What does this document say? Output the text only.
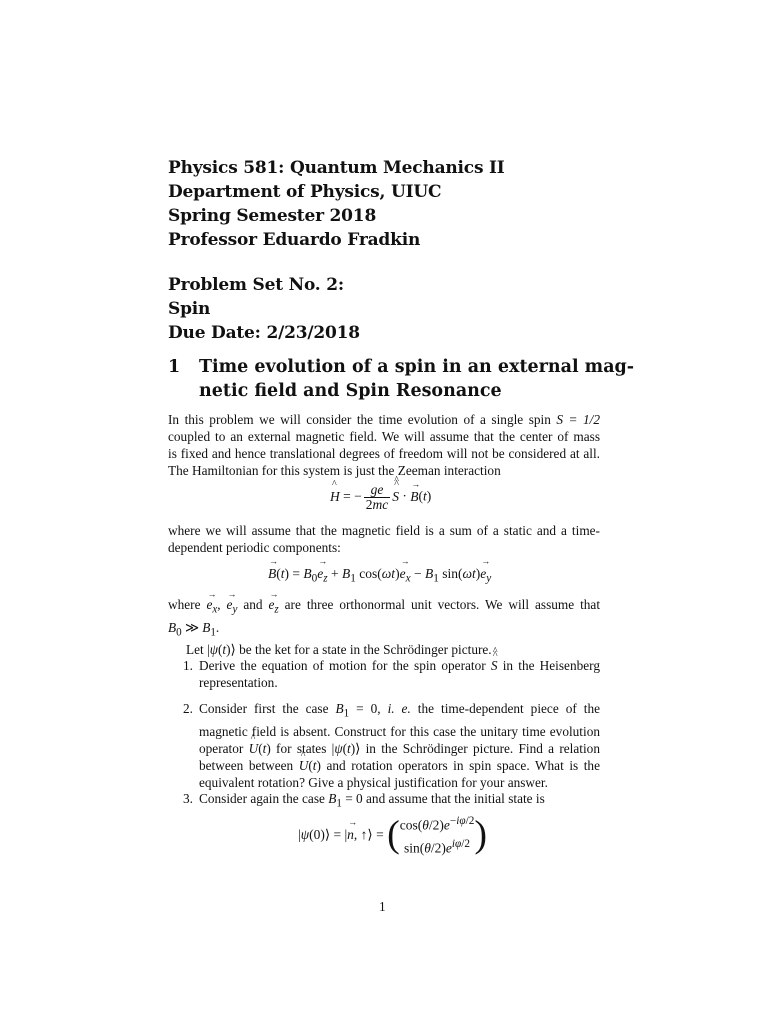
Physics 581: Quantum Mechanics II
Department of Physics, UIUC
Spring Semester 2018
Professor Eduardo Fradkin
Problem Set No. 2:
Spin
Due Date: 2/23/2018
1 Time evolution of a spin in an external mag-
netic field and Spin Resonance
In this problem we will consider the time evolution of a single spin S = 1/2
coupled to an external magnetic field. We will assume that the center of mass
is fixed and hence translational degrees of freedom will not be considered at all.
The Hamiltonian for this system is just the Zeeman interaction
^ H = − $\frac{ge}{2mc}$ ^ S ^ · → B(t)
where we will assume that the magnetic field is a sum of a static and a time-
dependent periodic components:
→ $B(t) = B_0\to e_z + B_1$ $\cos(\omega t)\to e_x - B_1$ $\sin(\omega t)\to e_y$
where → $e_x$, → $e_y$ and → $e_z$ are three orthonormal unit vectors. We will assume that
$B_0$ ≫ $B_1$.
Let |ψ(t)⟩ be the ket for a state in the Schrödinger picture.
1. Derive the equation of motion for the spin operator ^ S ^ in the Heisenberg
representation.
2. Consider first the case $B_1 = 0$, i. e. the time-dependent piece of the
magnetic field is absent. Construct for this case the unitary time evolution
operator ^ U(t) for states |ψ(t)⟩ in the Schrödinger picture. Find a relation
between between ^ U(t) and rotation operators in spin space. What is the
equivalent rotation? Give a physical justification for your answer.
3. Consider again the case $B_1 = 0$ and assume that the initial state is
|ψ(0)⟩ = |→ n, ↑⟩ = ($\cos(\theta/2)e^{-i\varphi/2}$
$\sin(\theta/2)e^{i\varphi/2}$ )
1
